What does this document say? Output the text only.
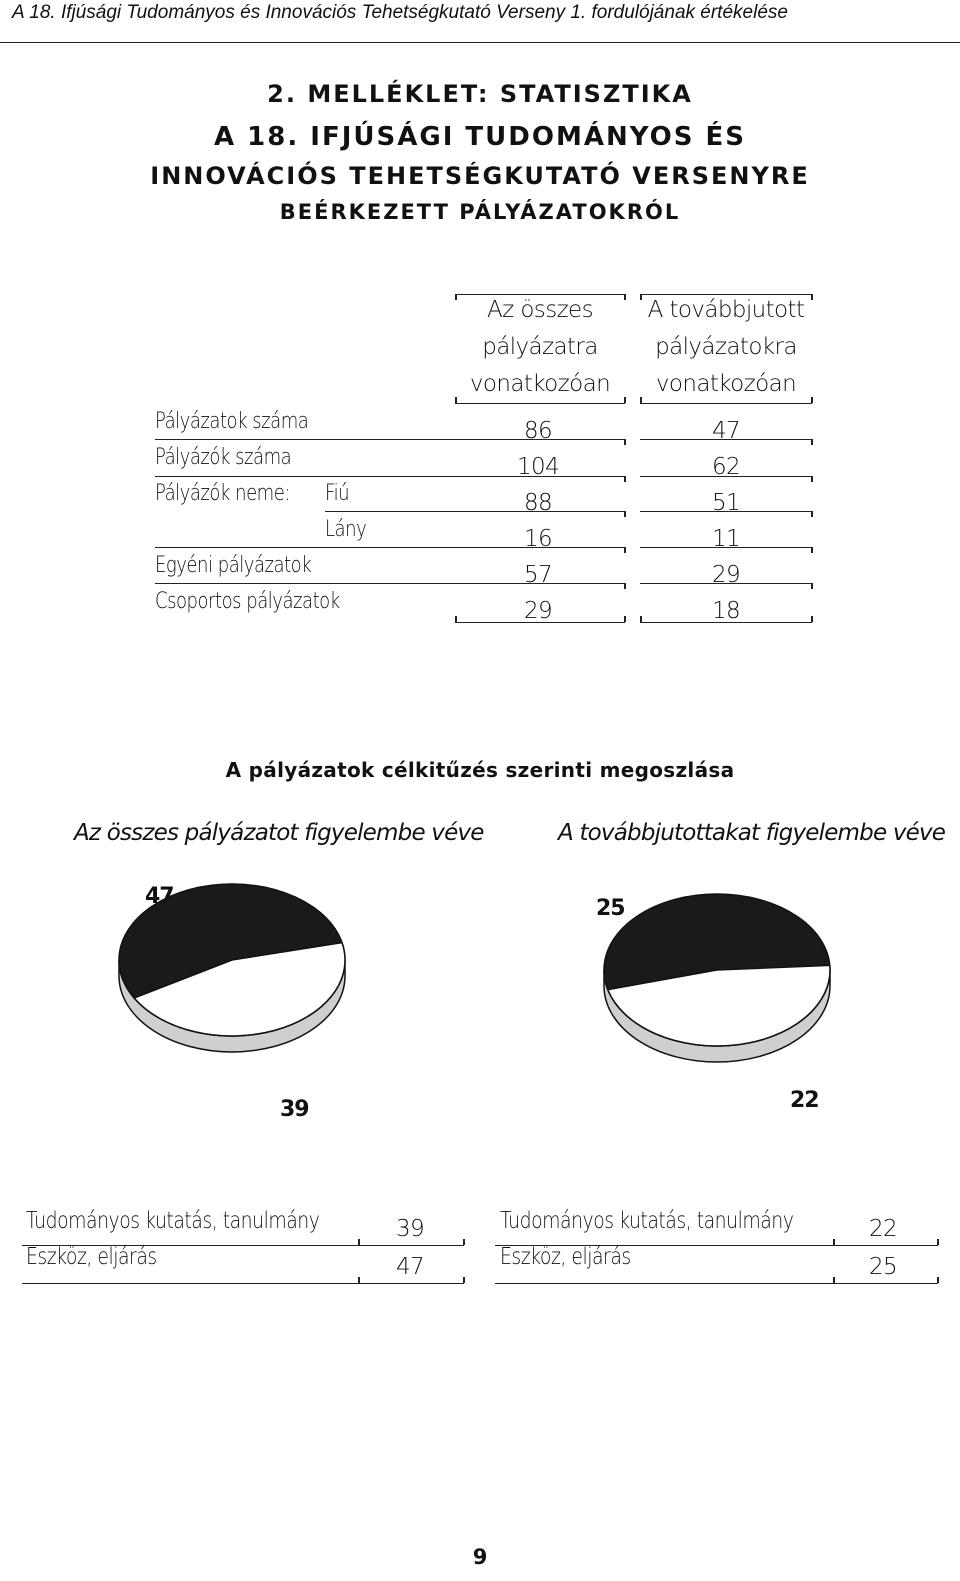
A 18. Ifjúsági Tudományos és Innovációs Tehetségkutató Verseny 1. fordulójának értékelése
2. MELLÉKLET: STATISZTIKA
A 18. IFJÚSÁGI TUDOMÁNYOS ÉS
INNOVÁCIÓS TEHETSÉGKUTATÓ VERSENYRE
BEÉRKEZETT PÁLYÁZATOKRÓL
Az összes
pályázatra
vonatkozóan
A továbbjutott
pályázatokra
vonatkozóan
Pályázatok száma	86	47
Pályázók száma	104	62
Pályázók neme: Fiú	88	51
Lány	16	11
Egyéni pályázatok	57	29
Csoportos pályázatok	29	18
A pályázatok célkitűzés szerinti megoszlása
Az összes pályázatot figyelembe véve	A továbbjutottakat figyelembe véve
47
39
25
22
Tudományos kutatás, tanulmány	39
Eszköz, eljárás	47
Tudományos kutatás, tanulmány	22
Eszköz, eljárás	25
9
